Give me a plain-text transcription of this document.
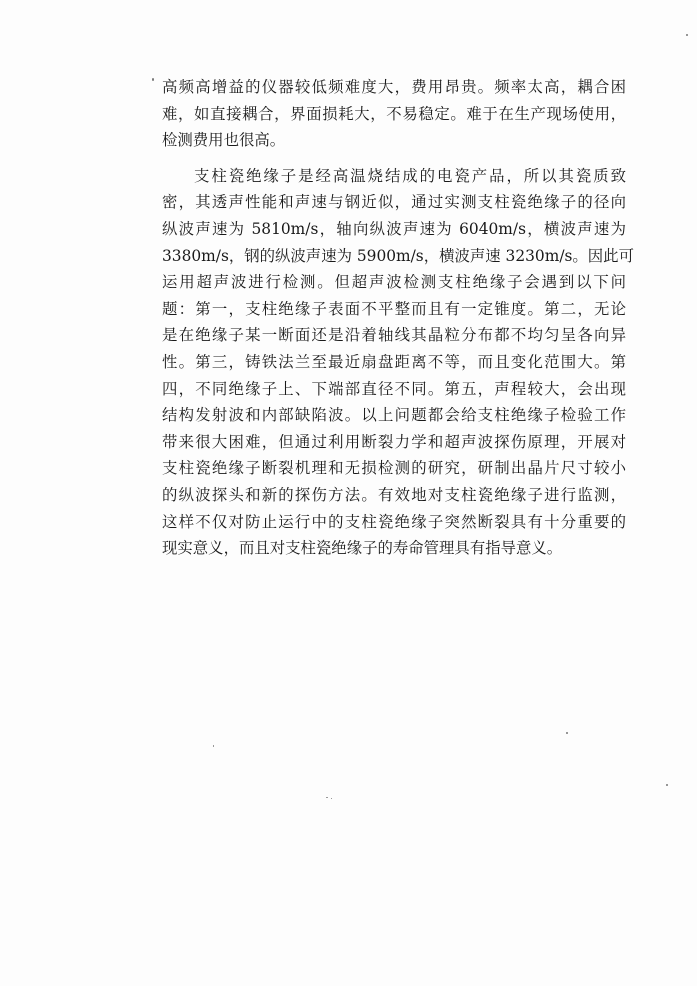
高频高增益的仪器较低频难度大，费用昂贵。频率太高，耦合困
难，如直接耦合，界面损耗大，不易稳定。难于在生产现场使用，
检测费用也很高。
支柱瓷绝缘子是经高温烧结成的电瓷产品，所以其瓷质致
密，其透声性能和声速与钢近似，通过实测支柱瓷绝缘子的径向
纵波声速为 5810m/s，轴向纵波声速为 6040m/s，横波声速为
3380m/s，钢的纵波声速为 5900m/s，横波声速 3230m/s。因此可
运用超声波进行检测。但超声波检测支柱绝缘子会遇到以下问
题：第一，支柱绝缘子表面不平整而且有一定锥度。第二，无论
是在绝缘子某一断面还是沿着轴线其晶粒分布都不均匀呈各向异
性。第三，铸铁法兰至最近扇盘距离不等，而且变化范围大。第
四，不同绝缘子上、下端部直径不同。第五，声程较大，会出现
结构发射波和内部缺陷波。以上问题都会给支柱绝缘子检验工作
带来很大困难，但通过利用断裂力学和超声波探伤原理，开展对
支柱瓷绝缘子断裂机理和无损检测的研究，研制出晶片尺寸较小
的纵波探头和新的探伤方法。有效地对支柱瓷绝缘子进行监测，
这样不仅对防止运行中的支柱瓷绝缘子突然断裂具有十分重要的
现实意义，而且对支柱瓷绝缘子的寿命管理具有指导意义。
